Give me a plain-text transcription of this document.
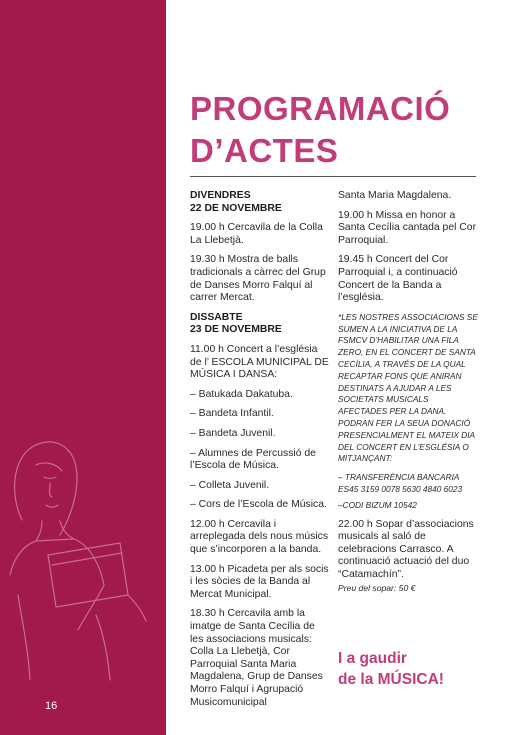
16
PROGRAMACIÓ
D’ACTES

DIVENDRES
22 DE NOVEMBRE

19.00 h Cercavila de la Colla La Llebetjà.

19.30 h Mostra de balls tradicionals a càrrec del Grup de Danses Morro Falquí al carrer Mercat.

DISSABTE
23 DE NOVEMBRE

11.00 h Concert a l’església de l’ ESCOLA MUNICIPAL DE MÚSICA I DANSA:

– Batukada Dakatuba.

– Bandeta Infantil.

– Bandeta Juvenil.

– Alumnes de Percussió de l’Escola de Música.

– Colleta Juvenil.

– Cors de l’Escola de Música.

12.00 h Cercavila i arreplegada dels nous músics que s’incorporen a la banda.

13.00 h Picadeta per als socis i les sòcies de la Banda al Mercat Municipal.

18.30 h Cercavila amb la imatge de Santa Cecília de les associacions musicals: Colla La Llebetjà, Cor Parroquial Santa Maria Magdalena, Grup de Danses Morro Falquí i Agrupació Musicomunicipal

Santa Maria Magdalena.

19.00 h Missa en honor a Santa Cecília cantada pel Cor Parroquial.

19.45 h Concert del Cor Parroquial i, a continuació Concert de la Banda a l’església.

*LES NOSTRES ASSOCIACIONS SE SUMEN A LA INICIATIVA DE LA FSMCV D’HABILITAR UNA FILA ZERO, EN EL CONCERT DE SANTA CECÍLIA, A TRAVÉS DE LA QUAL RECAPTAR FONS QUE ANIRAN DESTINATS A AJUDAR A LES SOCIETATS MUSICALS AFECTADES PER LA DANA. PODRAN FER LA SEUA DONACIÓ PRESENCIALMENT EL MATEIX DIA DEL CONCERT EN L’ESGLÉSIA O MITJANÇANT:

– TRANSFERÈNCIA BANCARIA
ES45 3159 0078 5630 4840 6023

–CODI BIZUM 10542

22.00 h Sopar d’associacions musicals al saló de celebracions Carrasco. A continuació actuació del duo “Catamachín”.

Preu del sopar: 50 €

I a gaudir
de la MÚSICA!
